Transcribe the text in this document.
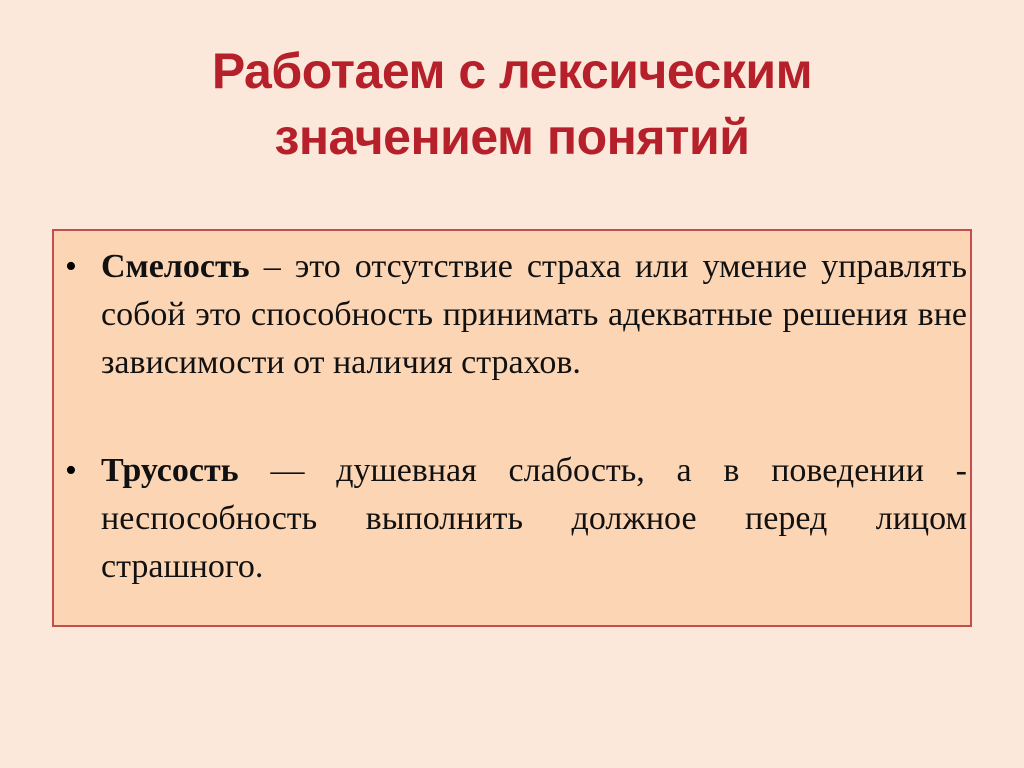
Работаем с лексическим
значением понятий
• Смелость – это отсутствие страха или умение управлять собой это способность принимать адекватные решения вне зависимости от наличия страхов.
• Трусость — душевная слабость, а в поведении - неспособность выполнить должное перед лицом страшного.
